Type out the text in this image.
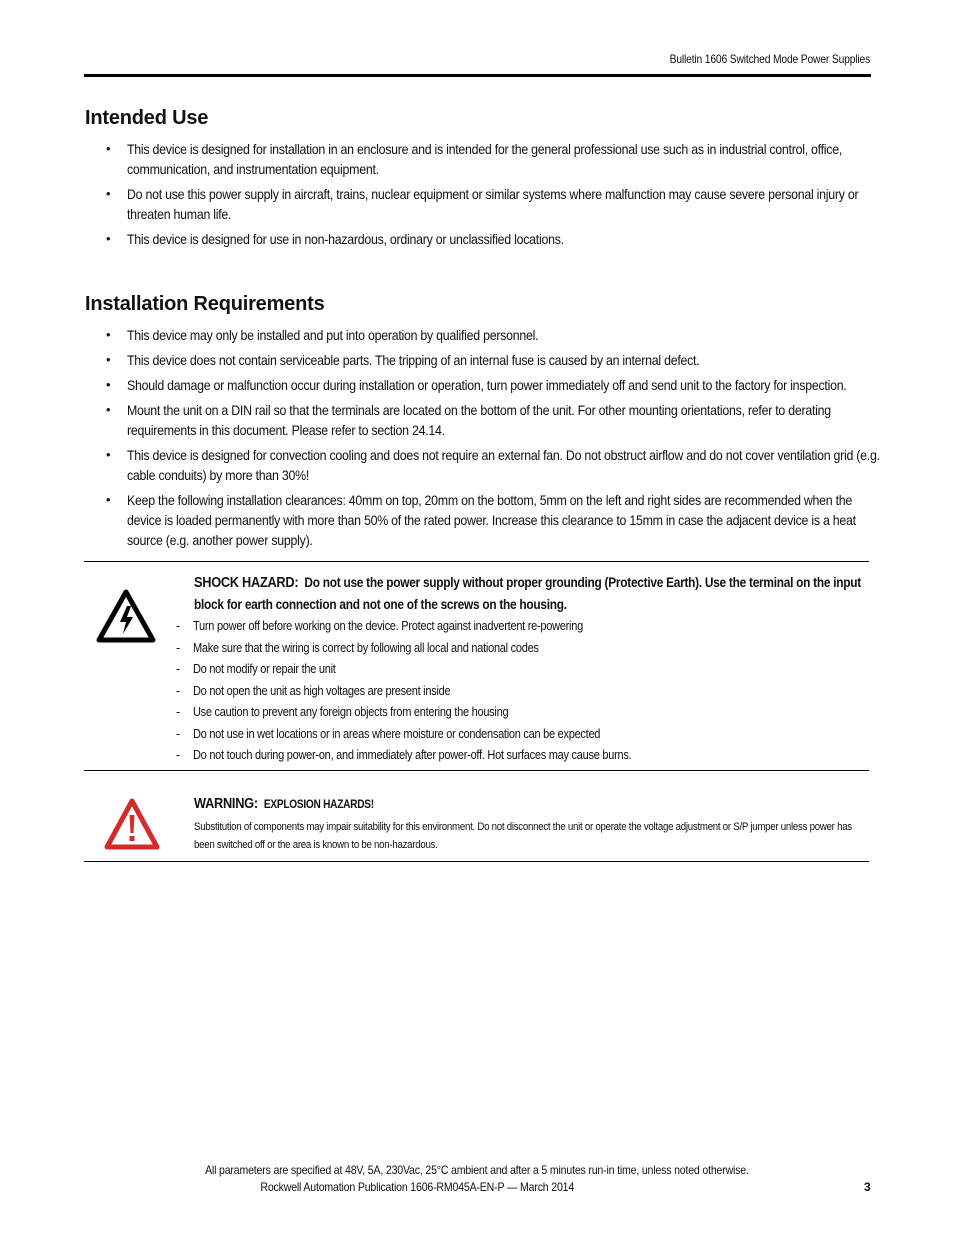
Bulletin 1606 Switched Mode Power Supplies
Intended Use
• This device is designed for installation in an enclosure and is intended for the general professional use such as in industrial control, office, communication, and instrumentation equipment.
• Do not use this power supply in aircraft, trains, nuclear equipment or similar systems where malfunction may cause severe personal injury or threaten human life.
• This device is designed for use in non-hazardous, ordinary or unclassified locations.
Installation Requirements
• This device may only be installed and put into operation by qualified personnel.
• This device does not contain serviceable parts. The tripping of an internal fuse is caused by an internal defect.
• Should damage or malfunction occur during installation or operation, turn power immediately off and send unit to the factory for inspection.
• Mount the unit on a DIN rail so that the terminals are located on the bottom of the unit. For other mounting orientations, refer to derating requirements in this document. Please refer to section 24.14.
• This device is designed for convection cooling and does not require an external fan. Do not obstruct airflow and do not cover ventilation grid (e.g. cable conduits) by more than 30%!
• Keep the following installation clearances: 40mm on top, 20mm on the bottom, 5mm on the left and right sides are recommended when the device is loaded permanently with more than 50% of the rated power. Increase this clearance to 15mm in case the adjacent device is a heat source (e.g. another power supply).
SHOCK HAZARD: Do not use the power supply without proper grounding (Protective Earth). Use the terminal on the input block for earth connection and not one of the screws on the housing.
- Turn power off before working on the device. Protect against inadvertent re-powering
- Make sure that the wiring is correct by following all local and national codes
- Do not modify or repair the unit
- Do not open the unit as high voltages are present inside
- Use caution to prevent any foreign objects from entering the housing
- Do not use in wet locations or in areas where moisture or condensation can be expected
- Do not touch during power-on, and immediately after power-off. Hot surfaces may cause burns.
WARNING: EXPLOSION HAZARDS!
Substitution of components may impair suitability for this environment. Do not disconnect the unit or operate the voltage adjustment or S/P jumper unless power has been switched off or the area is known to be non-hazardous.
All parameters are specified at 48V, 5A, 230Vac, 25°C ambient and after a 5 minutes run-in time, unless noted otherwise.
Rockwell Automation Publication 1606-RM045A-EN-P — March 2014	3
